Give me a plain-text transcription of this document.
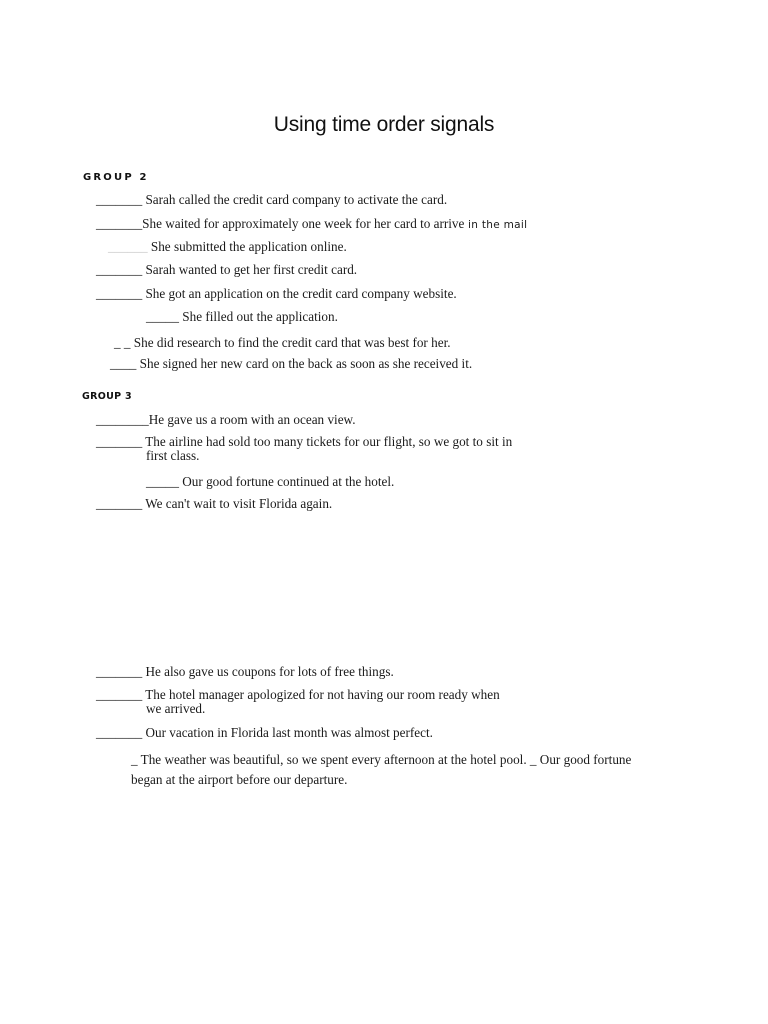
Using time order signals
GROUP 2
_______ Sarah called the credit card company to activate the card.
_______She waited for approximately one week for her card to arrive in the mail
______ She submitted the application online.
_______ Sarah wanted to get her first credit card.
_______ She got an application on the credit card company website.
_____ She filled out the application.
_ _ She did research to find the credit card that was best for her.
____ She signed her new card on the back as soon as she received it.
GROUP 3
________He gave us a room with an ocean view.
_______ The airline had sold too many tickets for our flight, so we got to sit in
first class.
_____ Our good fortune continued at the hotel.
_______ We can't wait to visit Florida again.
_______ He also gave us coupons for lots of free things.
_______ The hotel manager apologized for not having our room ready when
we arrived.
_______ Our vacation in Florida last month was almost perfect.
_ The weather was beautiful, so we spent every afternoon at the hotel pool. _ Our good fortune began at the airport before our departure.
